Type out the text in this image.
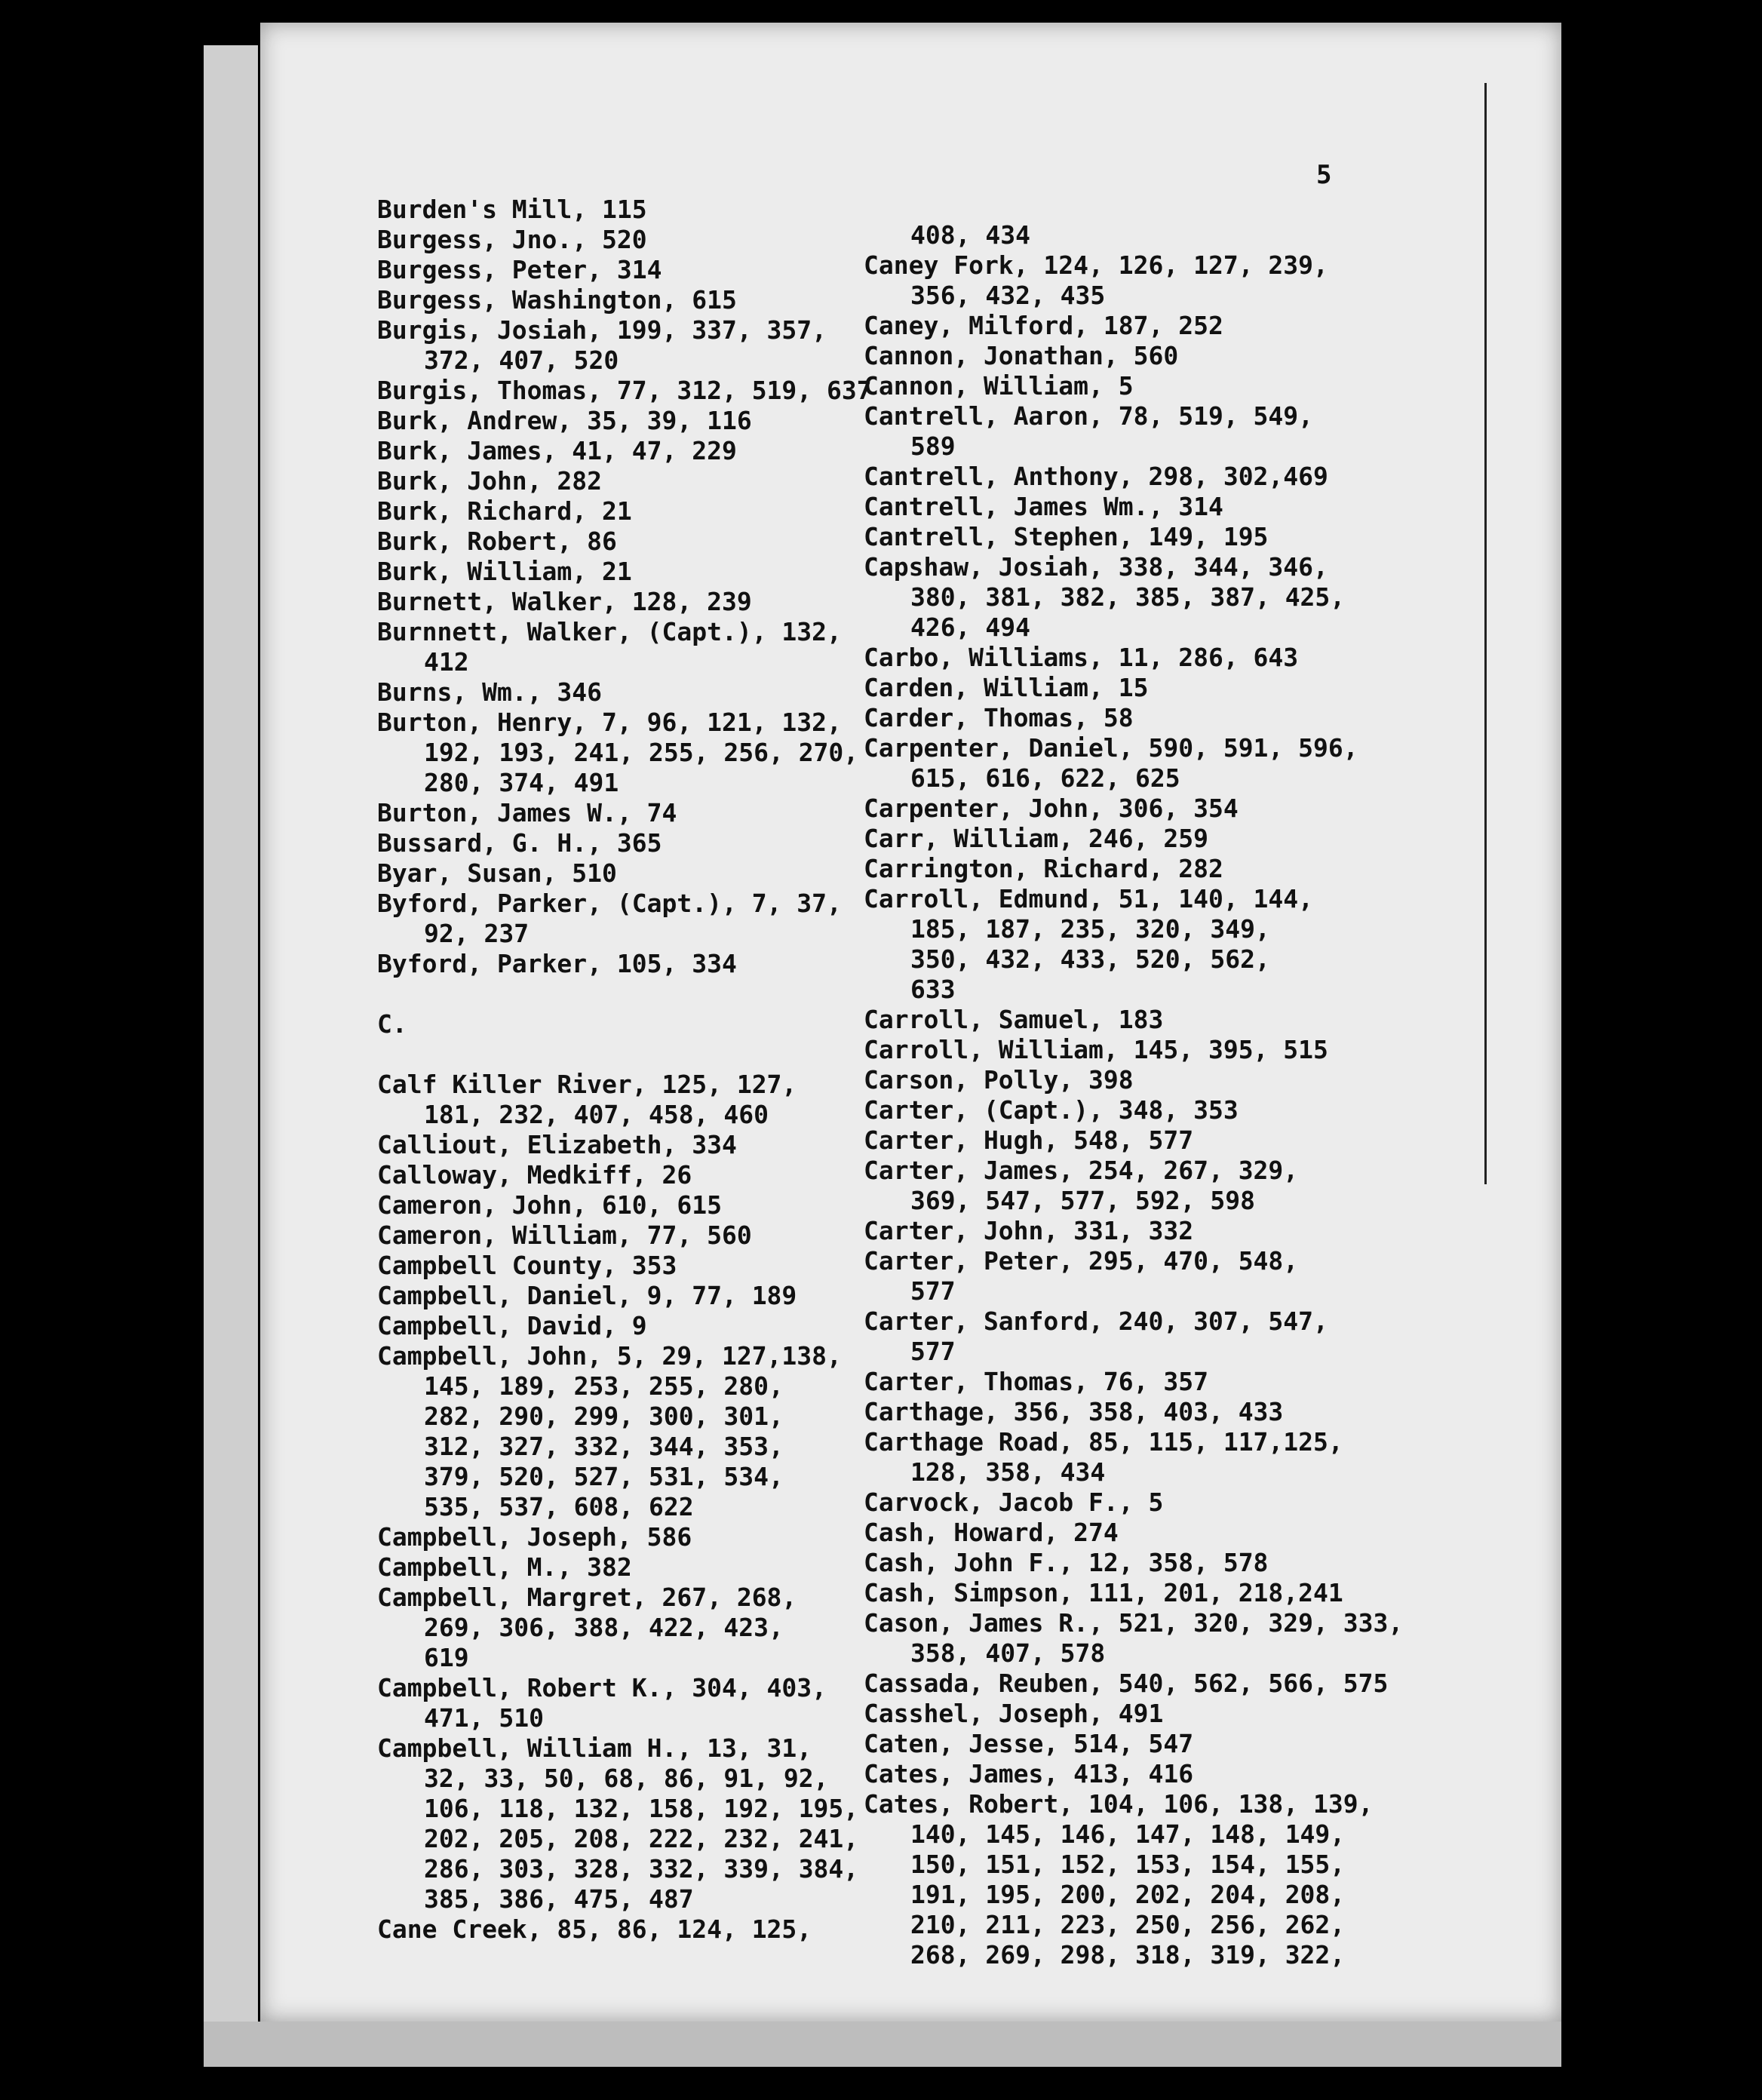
5
Burden's Mill, 115
Burgess, Jno., 520
Burgess, Peter, 314
Burgess, Washington, 615
Burgis, Josiah, 199, 337, 357,
372, 407, 520
Burgis, Thomas, 77, 312, 519, 637
Burk, Andrew, 35, 39, 116
Burk, James, 41, 47, 229
Burk, John, 282
Burk, Richard, 21
Burk, Robert, 86
Burk, William, 21
Burnett, Walker, 128, 239
Burnnett, Walker, (Capt.), 132,
412
Burns, Wm., 346
Burton, Henry, 7, 96, 121, 132,
192, 193, 241, 255, 256, 270,
280, 374, 491
Burton, James W., 74
Bussard, G. H., 365
Byar, Susan, 510
Byford, Parker, (Capt.), 7, 37,
92, 237
Byford, Parker, 105, 334
C.
Calf Killer River, 125, 127,
181, 232, 407, 458, 460
Calliout, Elizabeth, 334
Calloway, Medkiff, 26
Cameron, John, 610, 615
Cameron, William, 77, 560
Campbell County, 353
Campbell, Daniel, 9, 77, 189
Campbell, David, 9
Campbell, John, 5, 29, 127,138,
145, 189, 253, 255, 280,
282, 290, 299, 300, 301,
312, 327, 332, 344, 353,
379, 520, 527, 531, 534,
535, 537, 608, 622
Campbell, Joseph, 586
Campbell, M., 382
Campbell, Margret, 267, 268,
269, 306, 388, 422, 423,
619
Campbell, Robert K., 304, 403,
471, 510
Campbell, William H., 13, 31,
32, 33, 50, 68, 86, 91, 92,
106, 118, 132, 158, 192, 195,
202, 205, 208, 222, 232, 241,
286, 303, 328, 332, 339, 384,
385, 386, 475, 487
Cane Creek, 85, 86, 124, 125,
408, 434
Caney Fork, 124, 126, 127, 239,
356, 432, 435
Caney, Milford, 187, 252
Cannon, Jonathan, 560
Cannon, William, 5
Cantrell, Aaron, 78, 519, 549,
589
Cantrell, Anthony, 298, 302,469
Cantrell, James Wm., 314
Cantrell, Stephen, 149, 195
Capshaw, Josiah, 338, 344, 346,
380, 381, 382, 385, 387, 425,
426, 494
Carbo, Williams, 11, 286, 643
Carden, William, 15
Carder, Thomas, 58
Carpenter, Daniel, 590, 591, 596,
615, 616, 622, 625
Carpenter, John, 306, 354
Carr, William, 246, 259
Carrington, Richard, 282
Carroll, Edmund, 51, 140, 144,
185, 187, 235, 320, 349,
350, 432, 433, 520, 562,
633
Carroll, Samuel, 183
Carroll, William, 145, 395, 515
Carson, Polly, 398
Carter, (Capt.), 348, 353
Carter, Hugh, 548, 577
Carter, James, 254, 267, 329,
369, 547, 577, 592, 598
Carter, John, 331, 332
Carter, Peter, 295, 470, 548,
577
Carter, Sanford, 240, 307, 547,
577
Carter, Thomas, 76, 357
Carthage, 356, 358, 403, 433
Carthage Road, 85, 115, 117,125,
128, 358, 434
Carvock, Jacob F., 5
Cash, Howard, 274
Cash, John F., 12, 358, 578
Cash, Simpson, 111, 201, 218,241
Cason, James R., 521, 320, 329, 333,
358, 407, 578
Cassada, Reuben, 540, 562, 566, 575
Casshel, Joseph, 491
Caten, Jesse, 514, 547
Cates, James, 413, 416
Cates, Robert, 104, 106, 138, 139,
140, 145, 146, 147, 148, 149,
150, 151, 152, 153, 154, 155,
191, 195, 200, 202, 204, 208,
210, 211, 223, 250, 256, 262,
268, 269, 298, 318, 319, 322,
